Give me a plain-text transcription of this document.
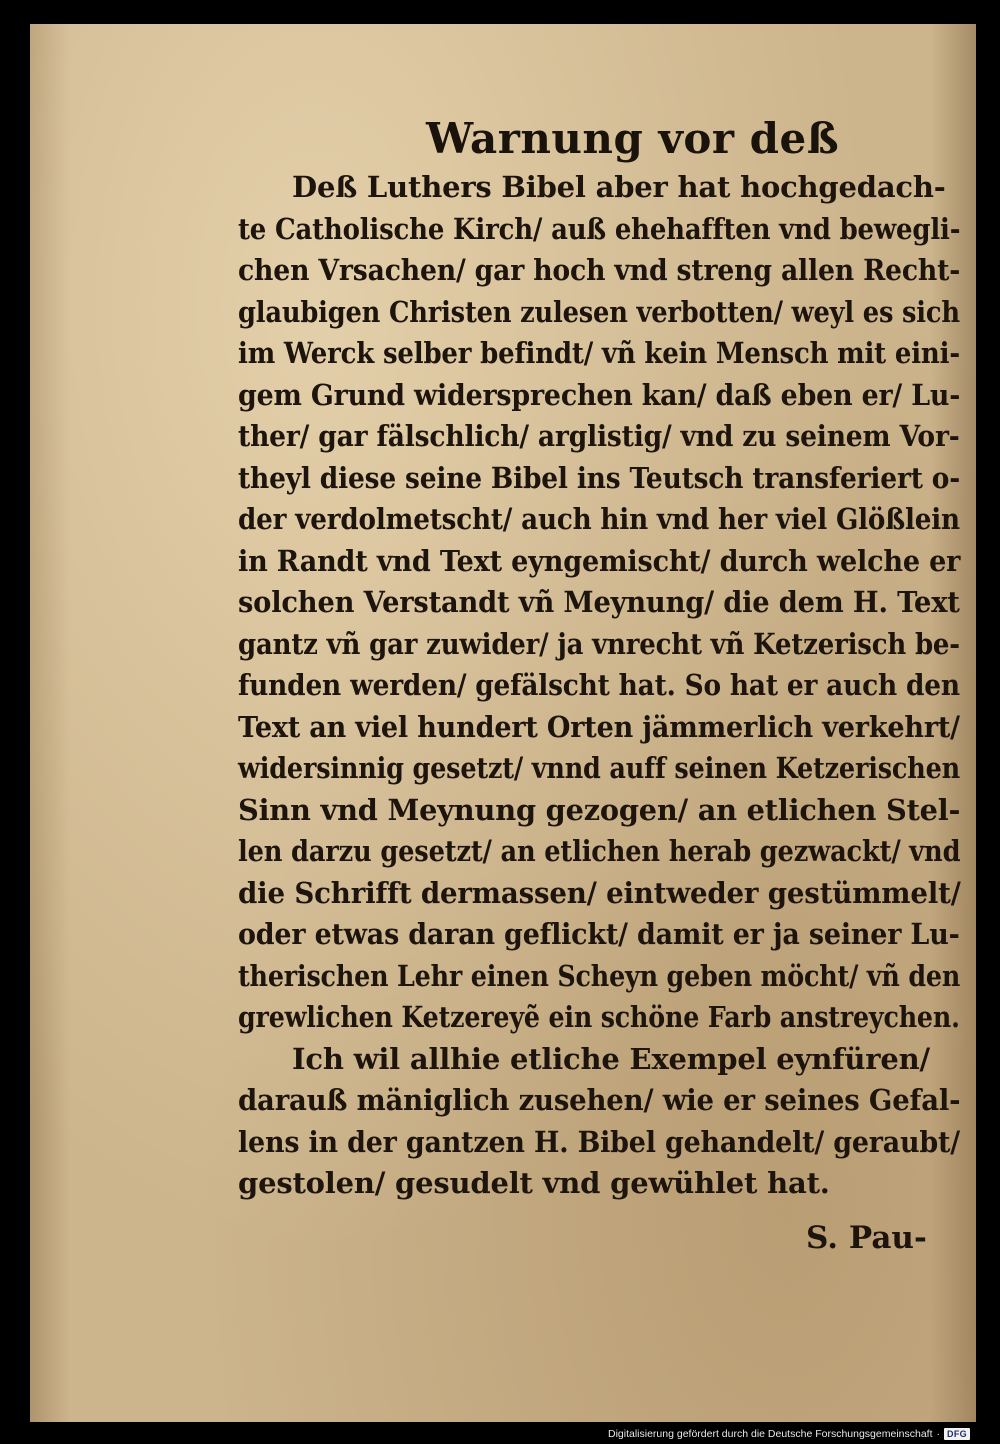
Warnung vor deß
Deß Luthers Bibel aber hat hochgedach-
te Catholische Kirch/ auß ehehafften vnd bewegli-
chen Vrsachen/ gar hoch vnd streng allen Recht-
glaubigen Christen zulesen verbotten/ weyl es sich
im Werck selber befindt/ vñ kein Mensch mit eini-
gem Grund widersprechen kan/ daß eben er/ Lu-
ther/ gar fälschlich/ arglistig/ vnd zu seinem Vor-
theyl diese seine Bibel ins Teutsch transferiert o-
der verdolmetscht/ auch hin vnd her viel Glößlein
in Randt vnd Text eyngemischt/ durch welche er
solchen Verstandt vñ Meynung/ die dem H. Text
gantz vñ gar zuwider/ ja vnrecht vñ Ketzerisch be-
funden werden/ gefälscht hat. So hat er auch den
Text an viel hundert Orten jämmerlich verkehrt/
widersinnig gesetzt/ vnnd auff seinen Ketzerischen
Sinn vnd Meynung gezogen/ an etlichen Stel-
len darzu gesetzt/ an etlichen herab gezwackt/ vnd
die Schrifft dermassen/ eintweder gestümmelt/
oder etwas daran geflickt/ damit er ja seiner Lu-
therischen Lehr einen Scheyn geben möcht/ vñ den
grewlichen Ketzereyẽ ein schöne Farb anstreychen.
Ich wil allhie etliche Exempel eynfüren/
darauß mäniglich zusehen/ wie er seines Gefal-
lens in der gantzen H. Bibel gehandelt/ geraubt/
gestolen/ gesudelt vnd gewühlet hat.
S. Pau-
Digitalisierung gefördert durch die Deutsche Forschungsgemeinschaft · DFG
